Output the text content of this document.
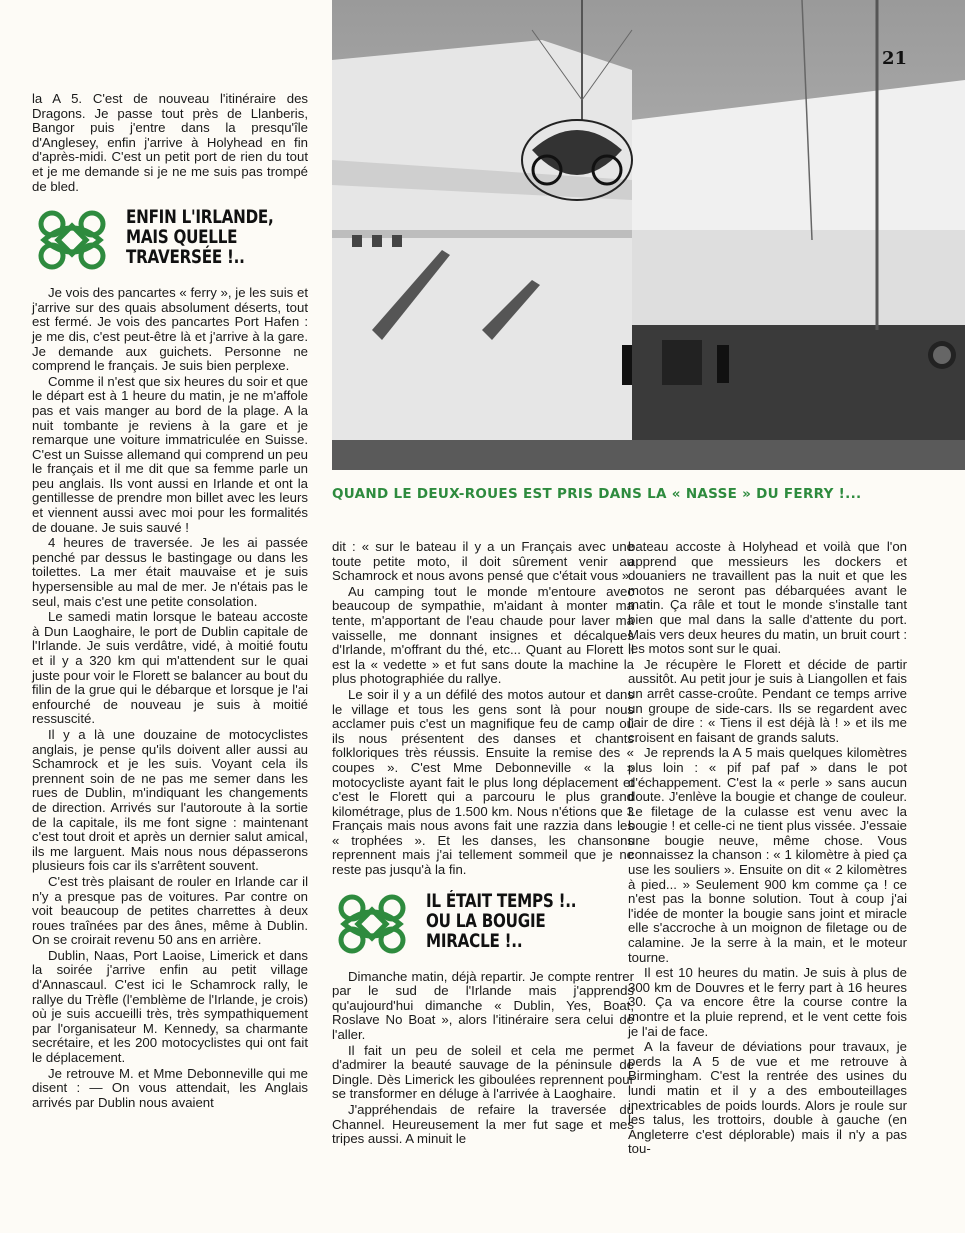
QUAND LE DEUX-ROUES EST PRIS DANS LA « NASSE » DU FERRY !...
21

la A 5. C'est de nouveau l'itinéraire des Dragons. Je passe tout près de Llanberis, Bangor puis j'entre dans la presqu'île d'Anglesey, enfin j'arrive à Holyhead en fin d'après-midi. C'est un petit port de rien du tout et je me demande si je ne me suis pas trompé de bled.

ENFIN L'IRLANDE,
MAIS QUELLE
TRAVERSÉE !..

Je vois des pancartes « ferry », je les suis et j'arrive sur des quais absolument déserts, tout est fermé. Je vois des pancartes Port Hafen : je me dis, c'est peut-être là et j'arrive à la gare. Je demande aux guichets. Personne ne comprend le français. Je suis bien perplexe.

Comme il n'est que six heures du soir et que le départ est à 1 heure du matin, je ne m'affole pas et vais manger au bord de la plage. A la nuit tombante je reviens à la gare et je remarque une voiture immatriculée en Suisse. C'est un Suisse allemand qui comprend un peu le français et il me dit que sa femme parle un peu anglais. Ils vont aussi en Irlande et ont la gentillesse de prendre mon billet avec les leurs et viennent aussi avec moi pour les formalités de douane. Je suis sauvé !

4 heures de traversée. Je les ai passée penché par dessus le bastingage ou dans les toilettes. La mer était mauvaise et je suis hypersensible au mal de mer. Je n'étais pas le seul, mais c'est une petite consolation.

Le samedi matin lorsque le bateau accoste à Dun Laoghaire, le port de Dublin capitale de l'Irlande. Je suis verdâtre, vidé, à moitié foutu et il y a 320 km qui m'attendent sur le quai juste pour voir le Florett se balancer au bout du filin de la grue qui le débarque et lorsque je l'ai enfourché de nouveau je suis à moitié ressuscité.

Il y a là une douzaine de motocyclistes anglais, je pense qu'ils doivent aller aussi au Schamrock et je les suis. Voyant cela ils prennent soin de ne pas me semer dans les rues de Dublin, m'indiquant les changements de direction. Arrivés sur l'autoroute à la sortie de la capitale, ils me font signe : maintenant c'est tout droit et après un dernier salut amical, ils me larguent. Mais nous nous dépasserons plusieurs fois car ils s'arrêtent souvent.

C'est très plaisant de rouler en Irlande car il n'y a presque pas de voitures. Par contre on voit beaucoup de petites charrettes à deux roues traînées par des ânes, même à Dublin. On se croirait revenu 50 ans en arrière.

Dublin, Naas, Port Laoise, Limerick et dans la soirée j'arrive enfin au petit village d'Annascaul. C'est ici le Schamrock rally, le rallye du Trèfle (l'emblème de l'Irlande, je crois) où je suis accueilli très, très sympathiquement par l'organisateur M. Kennedy, sa charmante secrétaire, et les 200 motocyclistes qui ont fait le déplacement.

Je retrouve M. et Mme Debonneville qui me disent : — On vous attendait, les Anglais arrivés par Dublin nous avaient

dit : « sur le bateau il y a un Français avec une toute petite moto, il doit sûrement venir au Schamrock et nous avons pensé que c'était vous ».

Au camping tout le monde m'entoure avec beaucoup de sympathie, m'aidant à monter ma tente, m'apportant de l'eau chaude pour laver ma vaisselle, me donnant insignes et décalques d'Irlande, m'offrant du thé, etc... Quant au Florett il est la « vedette » et fut sans doute la machine la plus photographiée du rallye.

Le soir il y a un défilé des motos autour et dans le village et tous les gens sont là pour nous acclamer puis c'est un magnifique feu de camp où ils nous présentent des danses et chants folkloriques très réussis. Ensuite la remise des « coupes ». C'est Mme Debonneville « la » motocycliste ayant fait le plus long déplacement et c'est le Florett qui a parcouru le plus grand kilométrage, plus de 1.500 km. Nous n'étions que 3 Français mais nous avons fait une razzia dans les « trophées ». Et les danses, les chansons reprennent mais j'ai tellement sommeil que je ne reste pas jusqu'à la fin.

IL ÉTAIT TEMPS !..
OU LA BOUGIE
MIRACLE !..

Dimanche matin, déjà repartir. Je compte rentrer par le sud de l'Irlande mais j'apprends qu'aujourd'hui dimanche « Dublin, Yes, Boat, Roslave No Boat », alors l'itinéraire sera celui de l'aller.

Il fait un peu de soleil et cela me permet d'admirer la beauté sauvage de la péninsule de Dingle. Dès Limerick les giboulées reprennent pour se transformer en déluge à l'arrivée à Laoghaire.

J'appréhendais de refaire la traversée du Channel. Heureusement la mer fut sage et mes tripes aussi. A minuit le

bateau accoste à Holyhead et voilà que l'on apprend que messieurs les dockers et douaniers ne travaillent pas la nuit et que les motos ne seront pas débarquées avant le matin. Ça râle et tout le monde s'installe tant bien que mal dans la salle d'attente du port. Mais vers deux heures du matin, un bruit court : les motos sont sur le quai.

Je récupère le Florett et décide de partir aussitôt. Au petit jour je suis à Liangollen et fais un arrêt casse-croûte. Pendant ce temps arrive un groupe de side-cars. Ils se regardent avec l'air de dire : « Tiens il est déjà là ! » et ils me croisent en faisant de grands saluts.

Je reprends la A 5 mais quelques kilomètres plus loin : « pif paf paf » dans le pot d'échappement. C'est la « perle » sans aucun doute. J'enlève la bougie et change de couleur. Le filetage de la culasse est venu avec la bougie ! et celle-ci ne tient plus vissée. J'essaie une bougie neuve, même chose. Vous connaissez la chanson : « 1 kilomètre à pied ça use les souliers ». Ensuite on dit « 2 kilomètres à pied... » Seulement 900 km comme ça ! ce n'est pas la bonne solution. Tout à coup j'ai l'idée de monter la bougie sans joint et miracle elle s'accroche à un moignon de filetage ou de calamine. Je la serre à la main, et le moteur tourne.

Il est 10 heures du matin. Je suis à plus de 300 km de Douvres et le ferry part à 16 heures 30. Ça va encore être la course contre la montre et la pluie reprend, et le vent cette fois je l'ai de face.

A la faveur de déviations pour travaux, je perds la A 5 de vue et me retrouve à Birmingham. C'est la rentrée des usines du lundi matin et il y a des embouteillages inextricables de poids lourds. Alors je roule sur les talus, les trottoirs, double à gauche (en Angleterre c'est déplorable) mais il n'y a pas tou-
